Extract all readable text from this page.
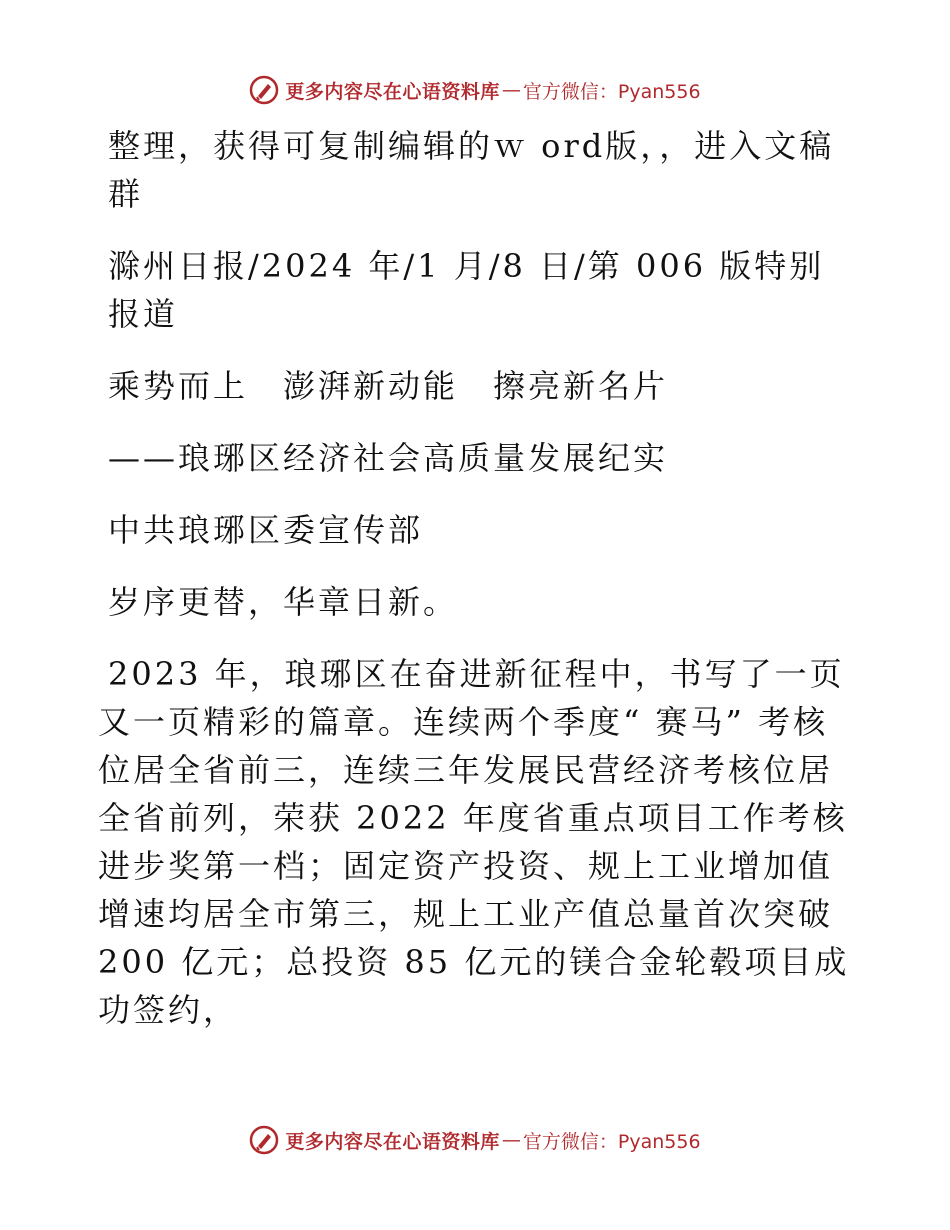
更多内容尽在心语资料库 — 官方微信：Pyan556

整理，获得可复制编辑的ｗ ord版，，进入文稿群

滁州日报/2024 年/1 月/8 日/第 006 版特别报道

乘势而上　澎湃新动能　擦亮新名片

——琅琊区经济社会高质量发展纪实

中共琅琊区委宣传部

岁序更替，华章日新。

2023 年，琅琊区在奋进新征程中，书写了一页又一页精彩的篇章。连续两个季度“ 赛马” 考核位居全省前三，连续三年发展民营经济考核位居全省前列，荣获 2022 年度省重点项目工作考核进步奖第一档；固定资产投资、规上工业增加值增速均居全市第三，规上工业产值总量首次突破 200 亿元；总投资 85 亿元的镁合金轮毂项目成功签约，

更多内容尽在心语资料库 — 官方微信：Pyan556
